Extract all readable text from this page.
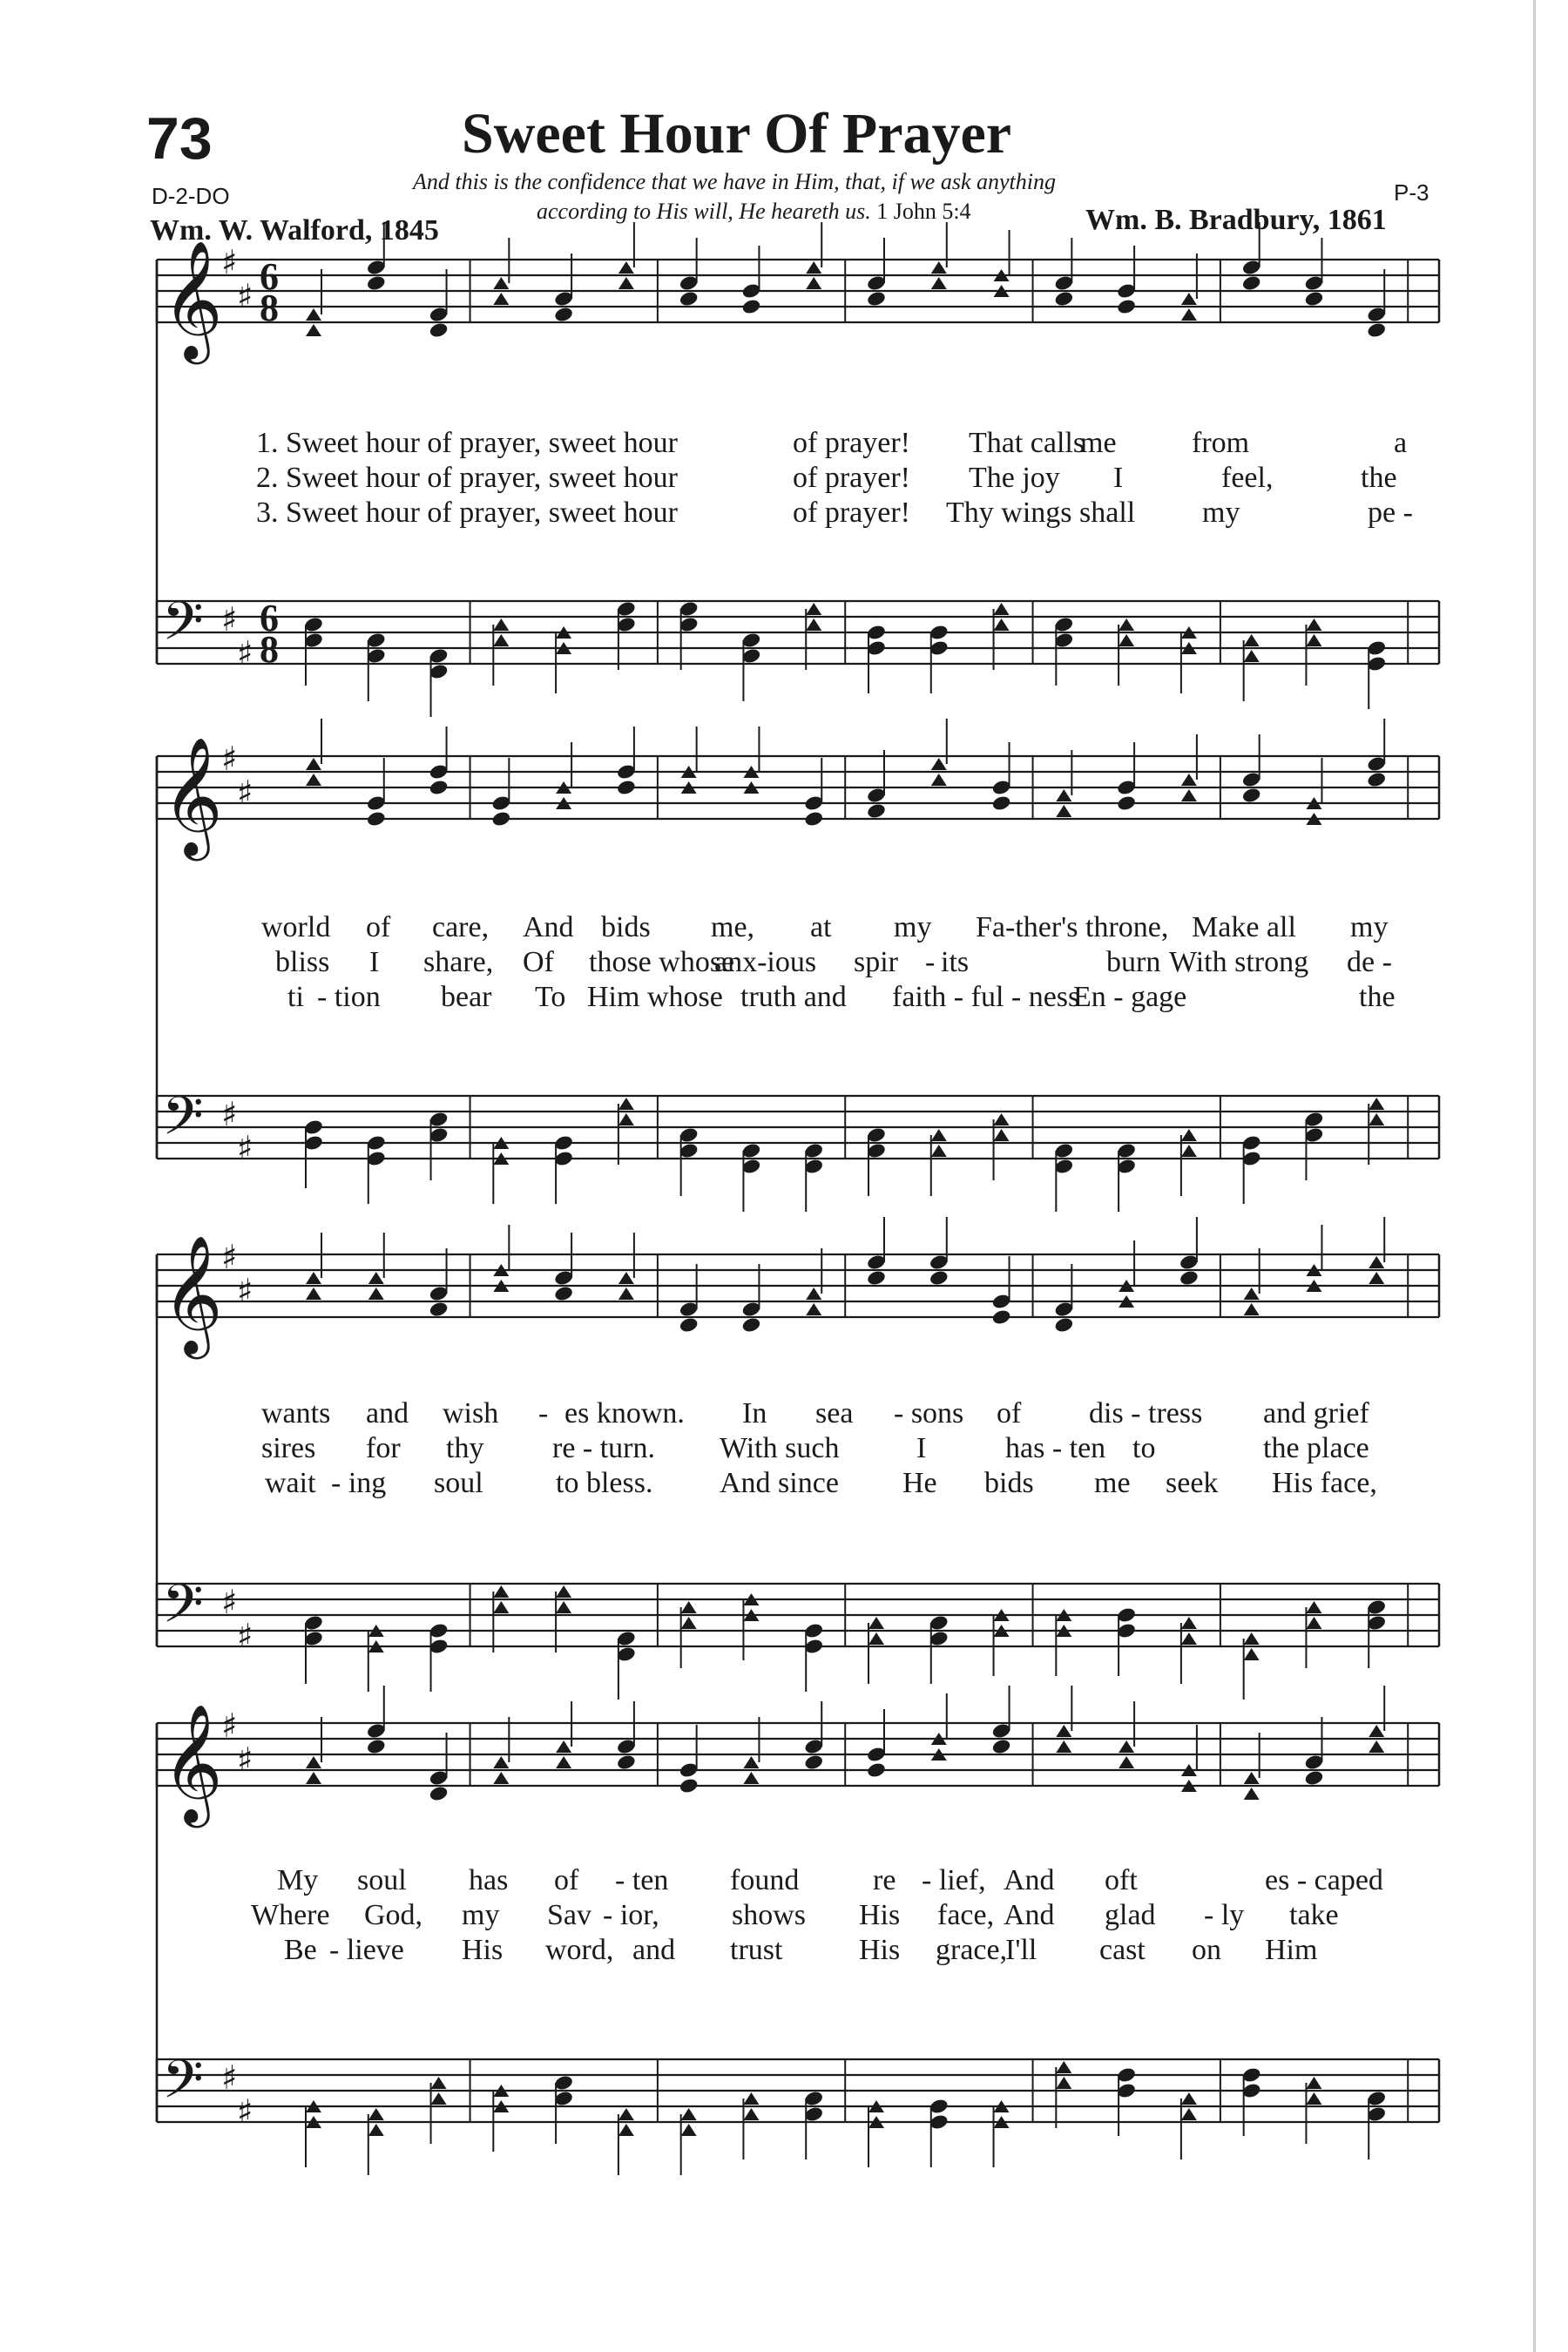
73	Sweet Hour Of Prayer
D-2-DO	P-3
And this is the confidence that we have in Him, that, if we ask anything
according to His will, He heareth us. 1 John 5:4
Wm. W. Walford, 1845	Wm. B. Bradbury, 1861
𝄞
♯
♯ 6
8
𝄢 ♯
♯
6
8
1. Sweet hour of prayer, sweet hour	of prayer! That calls
me	from	a
2. Sweet hour of prayer, sweet hour	of prayer! The joy I	feel,	the
3. Sweet hour of prayer, sweet hour	of prayer! Thy wings shall my	pe -
𝄞
♯
♯
𝄢 ♯
♯
world of care, And bids me, at my Fa-ther's throne, Make all my
bliss I share, Of those whose
anx-ious spir - its	burn With strong de -
ti - tion bear To Him whose truth and faith - ful - ness
En - gage	the
𝄞
♯
♯
𝄢 ♯
♯
wants and wish - es known. In sea - sons of dis - tress and grief
sires for thy re - turn. With such	I	has - ten to	the place
wait - ing soul to bless. And since He bids me seek His face,
𝄞
♯
♯
𝄢 ♯
♯
My soul has of - ten found re - lief, And oft	es - caped
Where God, my Sav - ior, shows His face, And glad - ly take
Be - lieve His word, and trust	His grace,
I'll cast on Him
